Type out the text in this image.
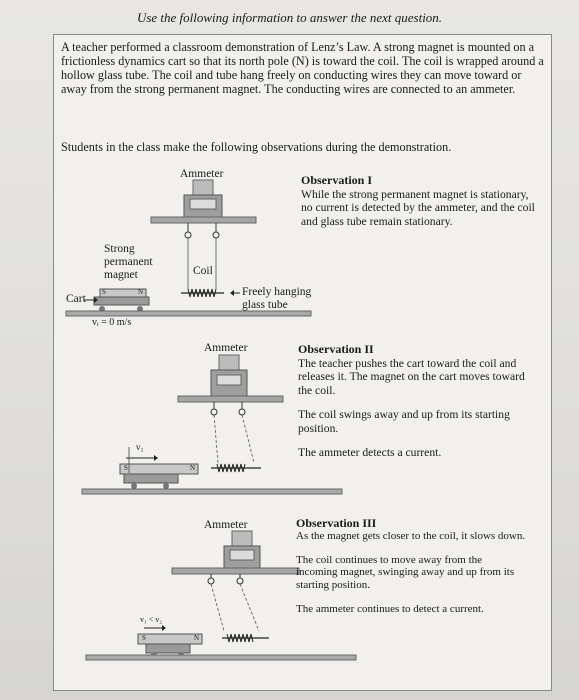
Use the following information to answer the next question.
A teacher performed a classroom demonstration of Lenz’s Law. A strong magnet is mounted on a frictionless dynamics cart so that its north pole (N) is toward the coil. The coil is wrapped around a hollow glass tube. The coil and tube hang freely on conducting wires they can move toward or away from the strong permanent magnet. The conducting wires are connected to an ammeter.
Students in the class make the following observations during the demonstration.
Ammeter
Strong permanent magnet	Coil
Freely hanging glass tube
Cart
vᵢ = 0 m/s
S	N
Observation I
While the strong permanent magnet is stationary, no current is detected by the ammeter, and the coil and glass tube remain stationary.
Ammeter
v₁
S	N
Observation II
The teacher pushes the cart toward the coil and releases it. The magnet on the cart moves toward the coil.
The coil swings away and up from its starting position.
The ammeter detects a current.
Ammeter
v₁ < v₂
S	N
Observation III
As the magnet gets closer to the coil, it slows down.
The coil continues to move away from the incoming magnet, swinging away and up from its starting position.
The ammeter continues to detect a current.
